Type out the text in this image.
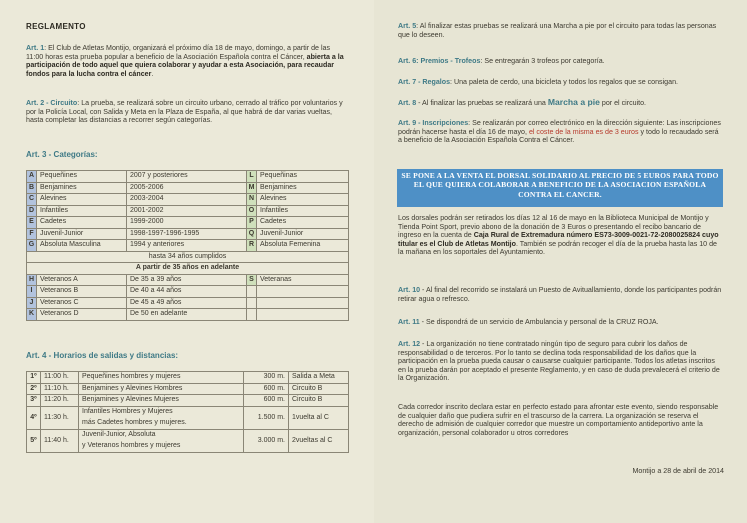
REGLAMENTO
Art. 1: El Club de Atletas Montijo, organizará el próximo día 18 de mayo, domingo, a partir de las 11:00 horas esta prueba popular a beneficio de la Asociación Española contra el Cáncer, abierta a la participación de todo aquel que quiera colaborar y ayudar a esta Asociación, para recaudar fondos para la lucha contra el cáncer.
Art. 2 - Circuito: La prueba, se realizará sobre un circuito urbano, cerrado al tráfico por voluntarios y por la Policía Local, con Salida y Meta en la Plaza de España, al que habrá de dar varias vueltas, hasta completar las distancias a recorrer según categorías.
Art. 3 - Categorías:
A	Pequeñines	2007 y posteriores	L	Pequeñinas
B	Benjamines	2005-2006	M	Benjamines
C	Alevines	2003-2004	N	Alevines
D	Infantiles	2001-2002	O	Infantiles
E	Cadetes	1999-2000	P	Cadetes
F	Juvenil-Junior	1998-1997-1996-1995	Q	Juvenil-Junior
G	Absoluta Masculina	1994 y anteriores	R	Absoluta Femenina
hasta 34 años cumplidos				
A partir de 35 años en adelante				
H	Veteranos A	De 35 a 39 años	S	Veteranas
I	Veteranos B	De 40 a 44 años		
J	Veteranos C	De 45 a 49 años		
K	Veteranos D	De 50 en adelante		
Art. 4 - Horarios de salidas y distancias:
1º	11:00 h.	Pequeñines hombres y mujeres	300 m.	Salida a Meta
2º	11:10 h.	Benjamines y Alevines Hombres	600 m.	Circuito B
3º	11:20 h.	Benjamines y Alevines Mujeres	600 m.	Circuito B
4º	11:30 h.	Infantiles Hombres y Mujeres	1.500 m.	1vuelta al C
		más Cadetes hombres y mujeres.		
5º	11:40 h.	Juvenil-Junior, Absoluta	3.000 m.	2vueltas al C
		y Veteranos hombres y mujeres		
Art. 5: Al finalizar estas pruebas se realizará una Marcha a pie por el circuito para todas las personas que lo deseen.
Art. 6: Premios - Trofeos: Se entregarán 3 trofeos por categoría.
Art. 7 - Regalos: Una paleta de cerdo, una bicicleta y todos los regalos que se consigan.
Art. 8 - Al finalizar las pruebas se realizará una Marcha a pie por el circuito.
Art. 9 - Inscripciones: Se realizarán por correo electrónico en la dirección siguiente: Las inscripciones podrán hacerse hasta el día 16 de mayo, el coste de la misma es de 3 euros y todo lo recaudado será a beneficio de la Asociación Española Contra el Cáncer.
SE PONE A LA VENTA EL DORSAL SOLIDARIO AL PRECIO DE 5 EUROS PARA TODO EL QUE QUIERA COLABORAR A BENEFICIO DE LA ASOCIACION ESPAÑOLA CONTRA EL CANCER.
Los dorsales podrán ser retirados los días 12 al 16 de mayo en la Biblioteca Municipal de Montijo y Tienda Point Sport, previo abono de la donación de 3 Euros o presentando el recibo bancario de ingreso en la cuenta de Caja Rural de Extremadura número ES73-3009-0021-72-2080025824 cuyo titular es el Club de Atletas Montijo. También se podrán recoger el día de la prueba hasta las 10 de la mañana en los soportales del Ayuntamiento.
Art. 10 - Al final del recorrido se instalará un Puesto de Avituallamiento, donde los participantes podrán retirar agua o refresco.
Art. 11 - Se dispondrá de un servicio de Ambulancia y personal de la CRUZ ROJA.
Art. 12 - La organización no tiene contratado ningún tipo de seguro para cubrir los daños de responsabilidad o de terceros. Por lo tanto se declina toda responsabilidad de los daños que la participación en la prueba pueda causar o causarse cualquier participante. Todos los atletas inscritos en la prueba darán por aceptado el presente Reglamento, y en caso de duda prevalecerá el criterio de la Organización.
Cada corredor inscrito declara estar en perfecto estado para afrontar este evento, siendo responsable de cualquier daño que pudiera sufrir en el trascurso de la carrera. La organización se reserva el derecho de admisión de cualquier corredor que muestre un comportamiento antideportivo ante la organización, personal colaborador u otros corredores
Montijo a 28 de abril de 2014
